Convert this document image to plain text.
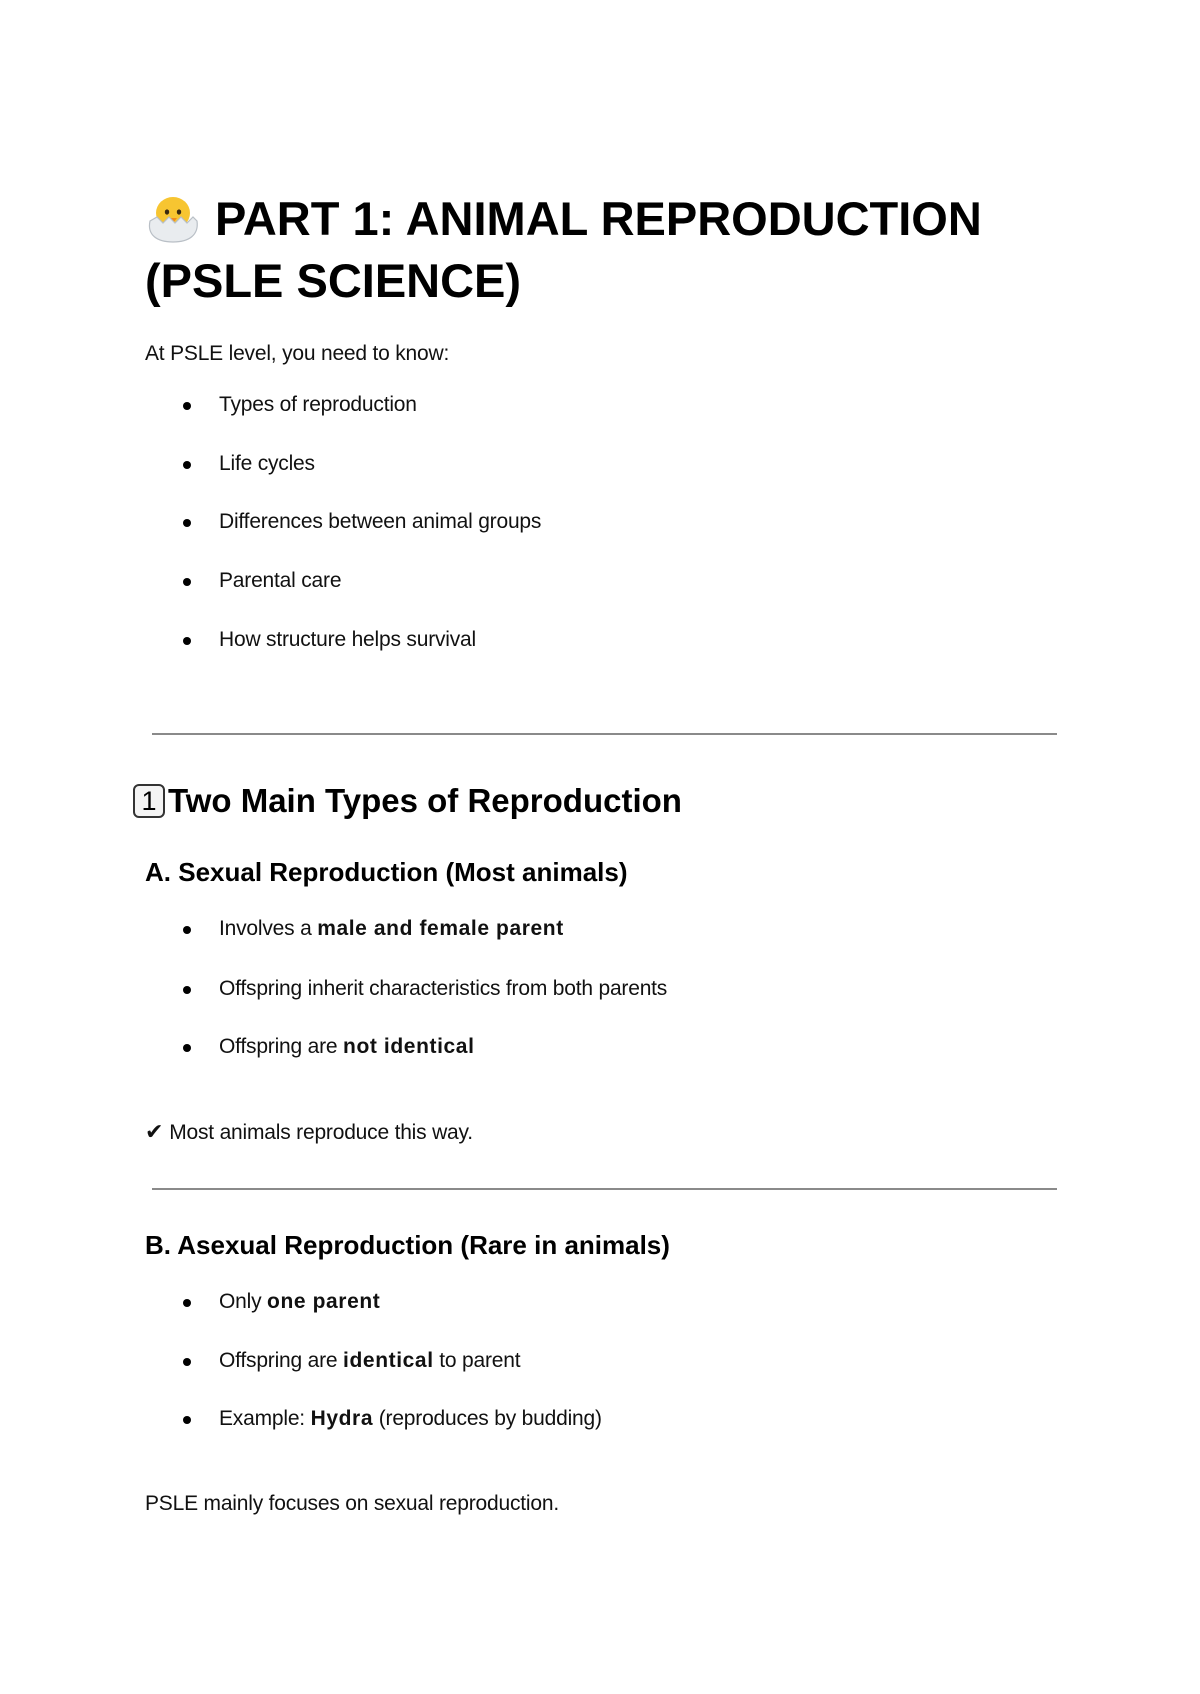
PART 1: ANIMAL REPRODUCTION
(PSLE SCIENCE)

At PSLE level, you need to know:

Types of reproduction
Life cycles
Differences between animal groups
Parental care
How structure helps survival
1 Two Main Types of Reproduction
A. Sexual Reproduction (Most animals)
Involves a male and female parent
Offspring inherit characteristics from both parents
Offspring are not identical

✔ Most animals reproduce this way.

B. Asexual Reproduction (Rare in animals)
Only one parent
Offspring are identical to parent
Example: Hydra (reproduces by budding)

PSLE mainly focuses on sexual reproduction.
